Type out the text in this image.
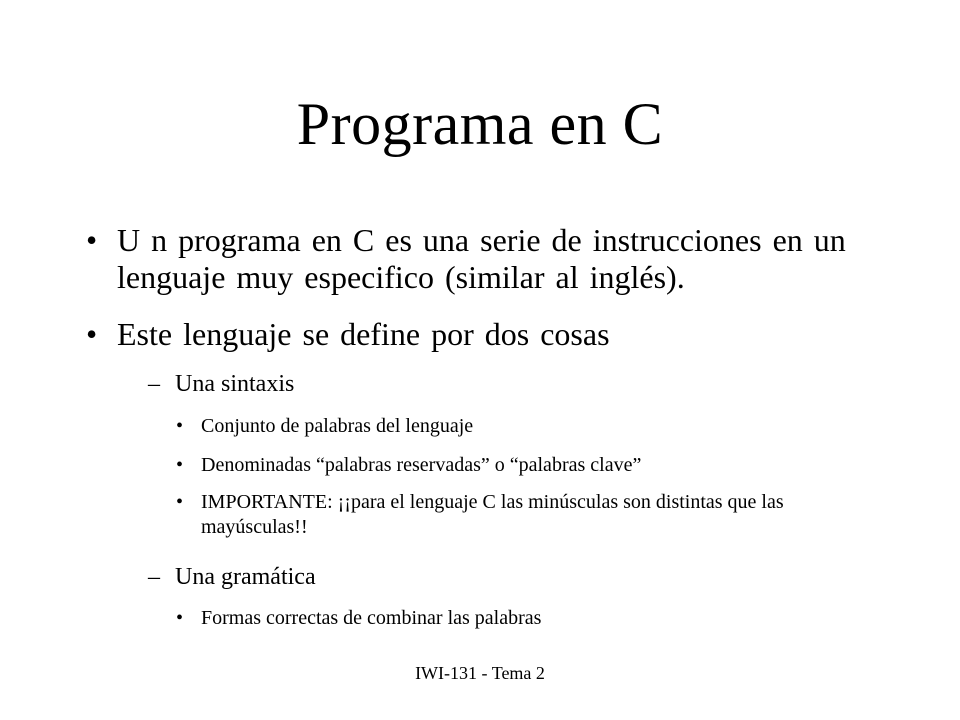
Programa en C
• U n programa en C es una serie de instrucciones en un lenguaje muy especifico (similar al inglés).
• Este lenguaje se define por dos cosas
– Una sintaxis
• Conjunto de palabras del lenguaje
• Denominadas “palabras reservadas” o “palabras clave”
• IMPORTANTE: ¡¡para el lenguaje C las minúsculas son distintas que las mayúsculas!!
– Una gramática
• Formas correctas de combinar las palabras
IWI-131 - Tema 2
